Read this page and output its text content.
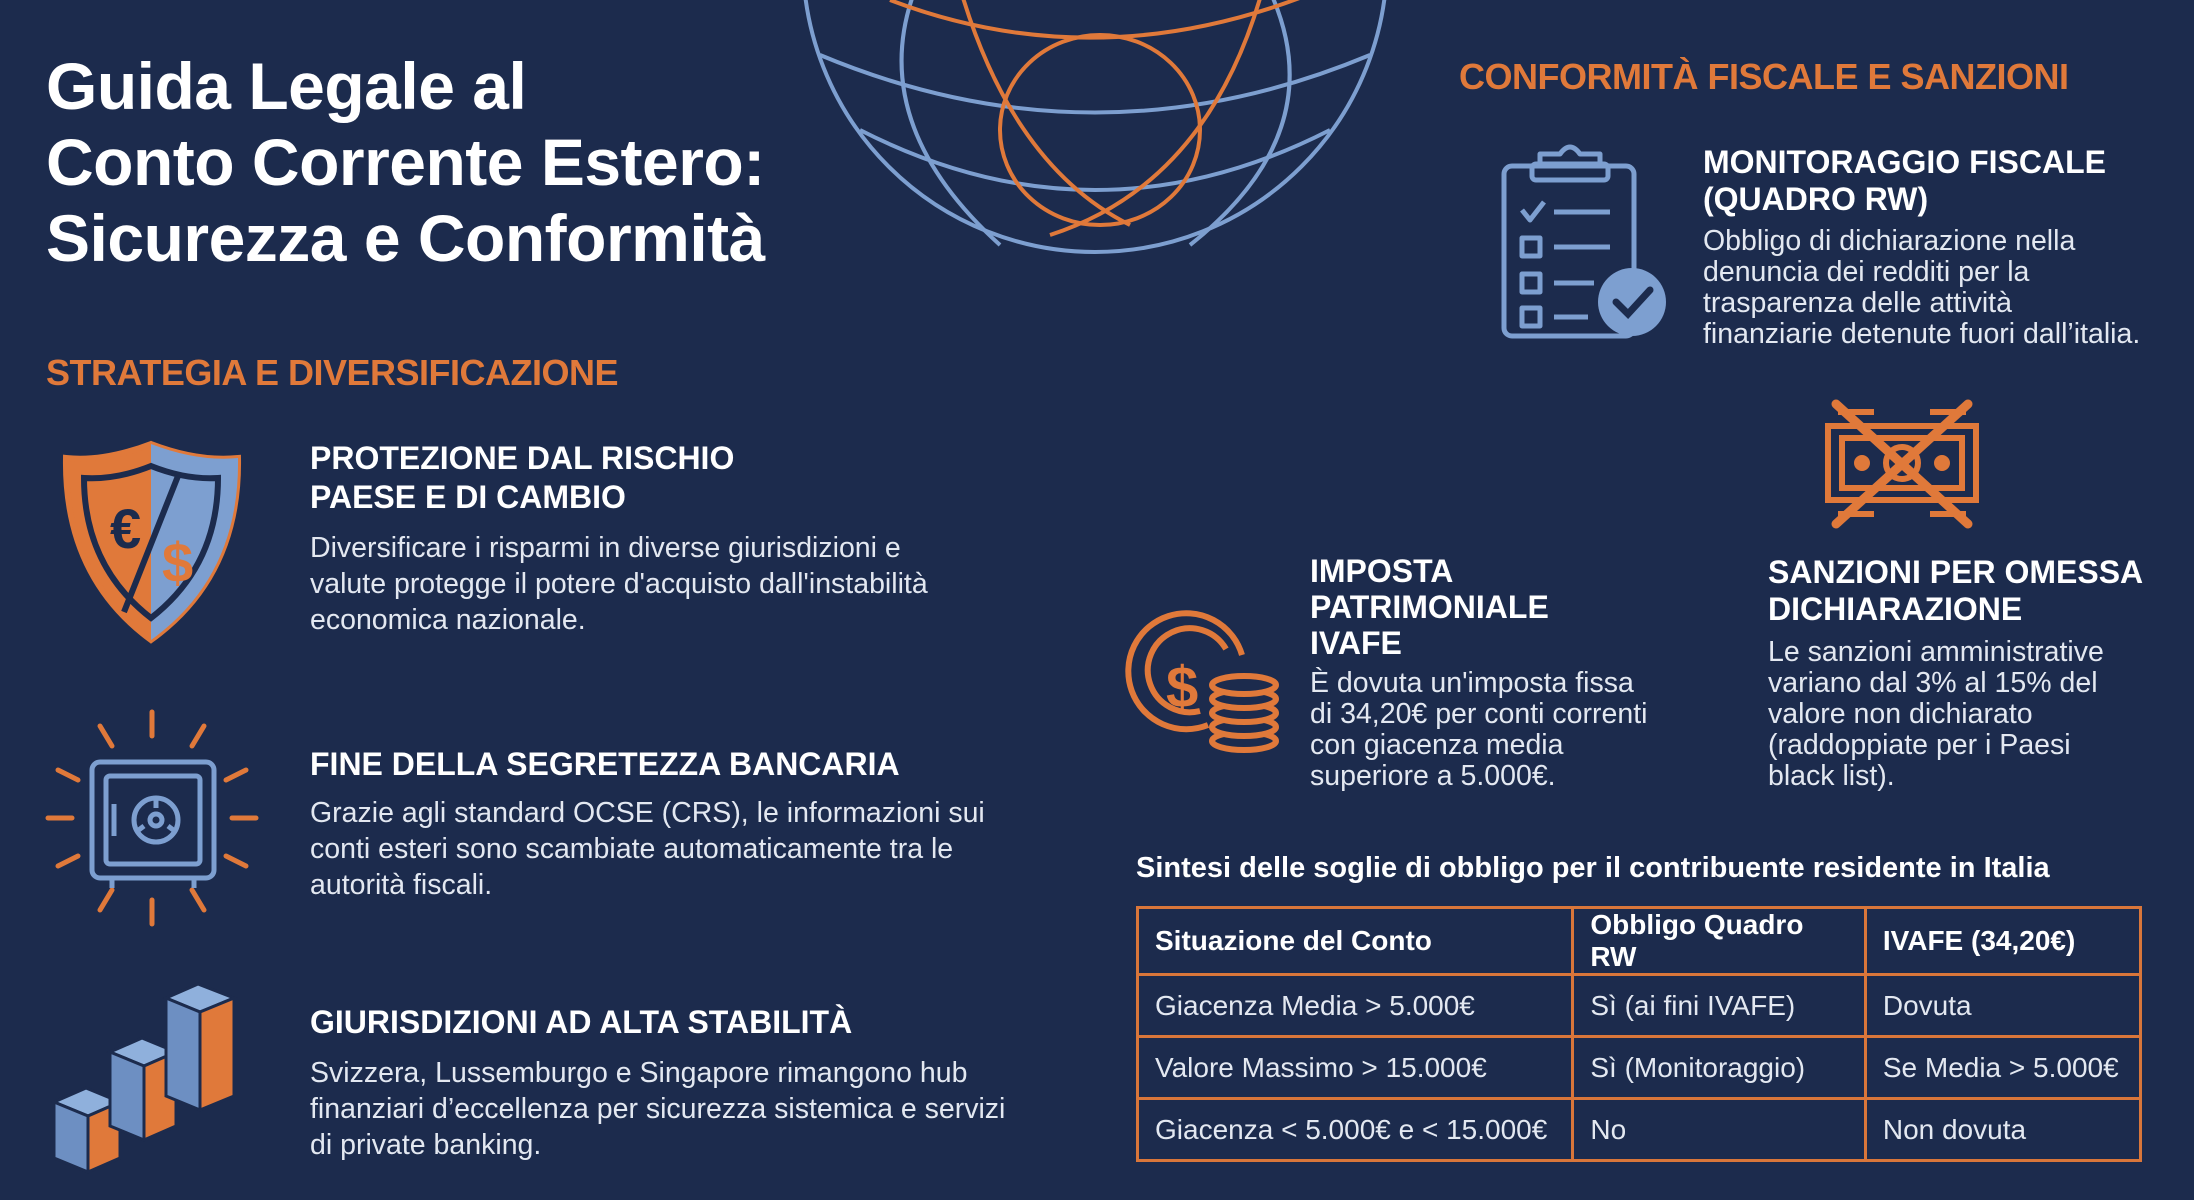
Guida Legale al
Conto Corrente Estero:
Sicurezza e Conformità
STRATEGIA E DIVERSIFICAZIONE
€
$
PROTEZIONE DAL RISCHIO
PAESE E DI CAMBIO

Diversificare i risparmi in diverse giurisdizioni e
valute protegge il potere d'acquisto dall'instabilità
economica nazionale.

FINE DELLA SEGRETEZZA BANCARIA

Grazie agli standard OCSE (CRS), le informazioni sui
conti esteri sono scambiate automaticamente tra le
autorità fiscali.

GIURISDIZIONI AD ALTA STABILITÀ

Svizzera, Lussemburgo e Singapore rimangono hub
finanziari d’eccellenza per sicurezza sistemica e servizi
di private banking.

CONFORMITÀ FISCALE E SANZIONI
MONITORAGGIO FISCALE
(QUADRO RW)

Obbligo di dichiarazione nella
denuncia dei redditi per la
trasparenza delle attività
finanziarie detenute fuori dall’italia.

SANZIONI PER OMESSA
DICHIARAZIONE

Le sanzioni amministrative
variano dal 3% al 15% del
valore non dichiarato
(raddoppiate per i Paesi
black list).

$
IMPOSTA
PATRIMONIALE
IVAFE

È dovuta un'imposta fissa
di 34,20€ per conti correnti
con giacenza media
superiore a 5.000€.

Sintesi delle soglie di obbligo per il contribuente residente in Italia
Situazione del Conto	Obbligo Quadro RW	IVAFE (34,20€)
Giacenza Media > 5.000€	Sì (ai fini IVAFE)	Dovuta
Valore Massimo > 15.000€	Sì (Monitoraggio)	Se Media > 5.000€
Giacenza < 5.000€ e < 15.000€	No	Non dovuta
